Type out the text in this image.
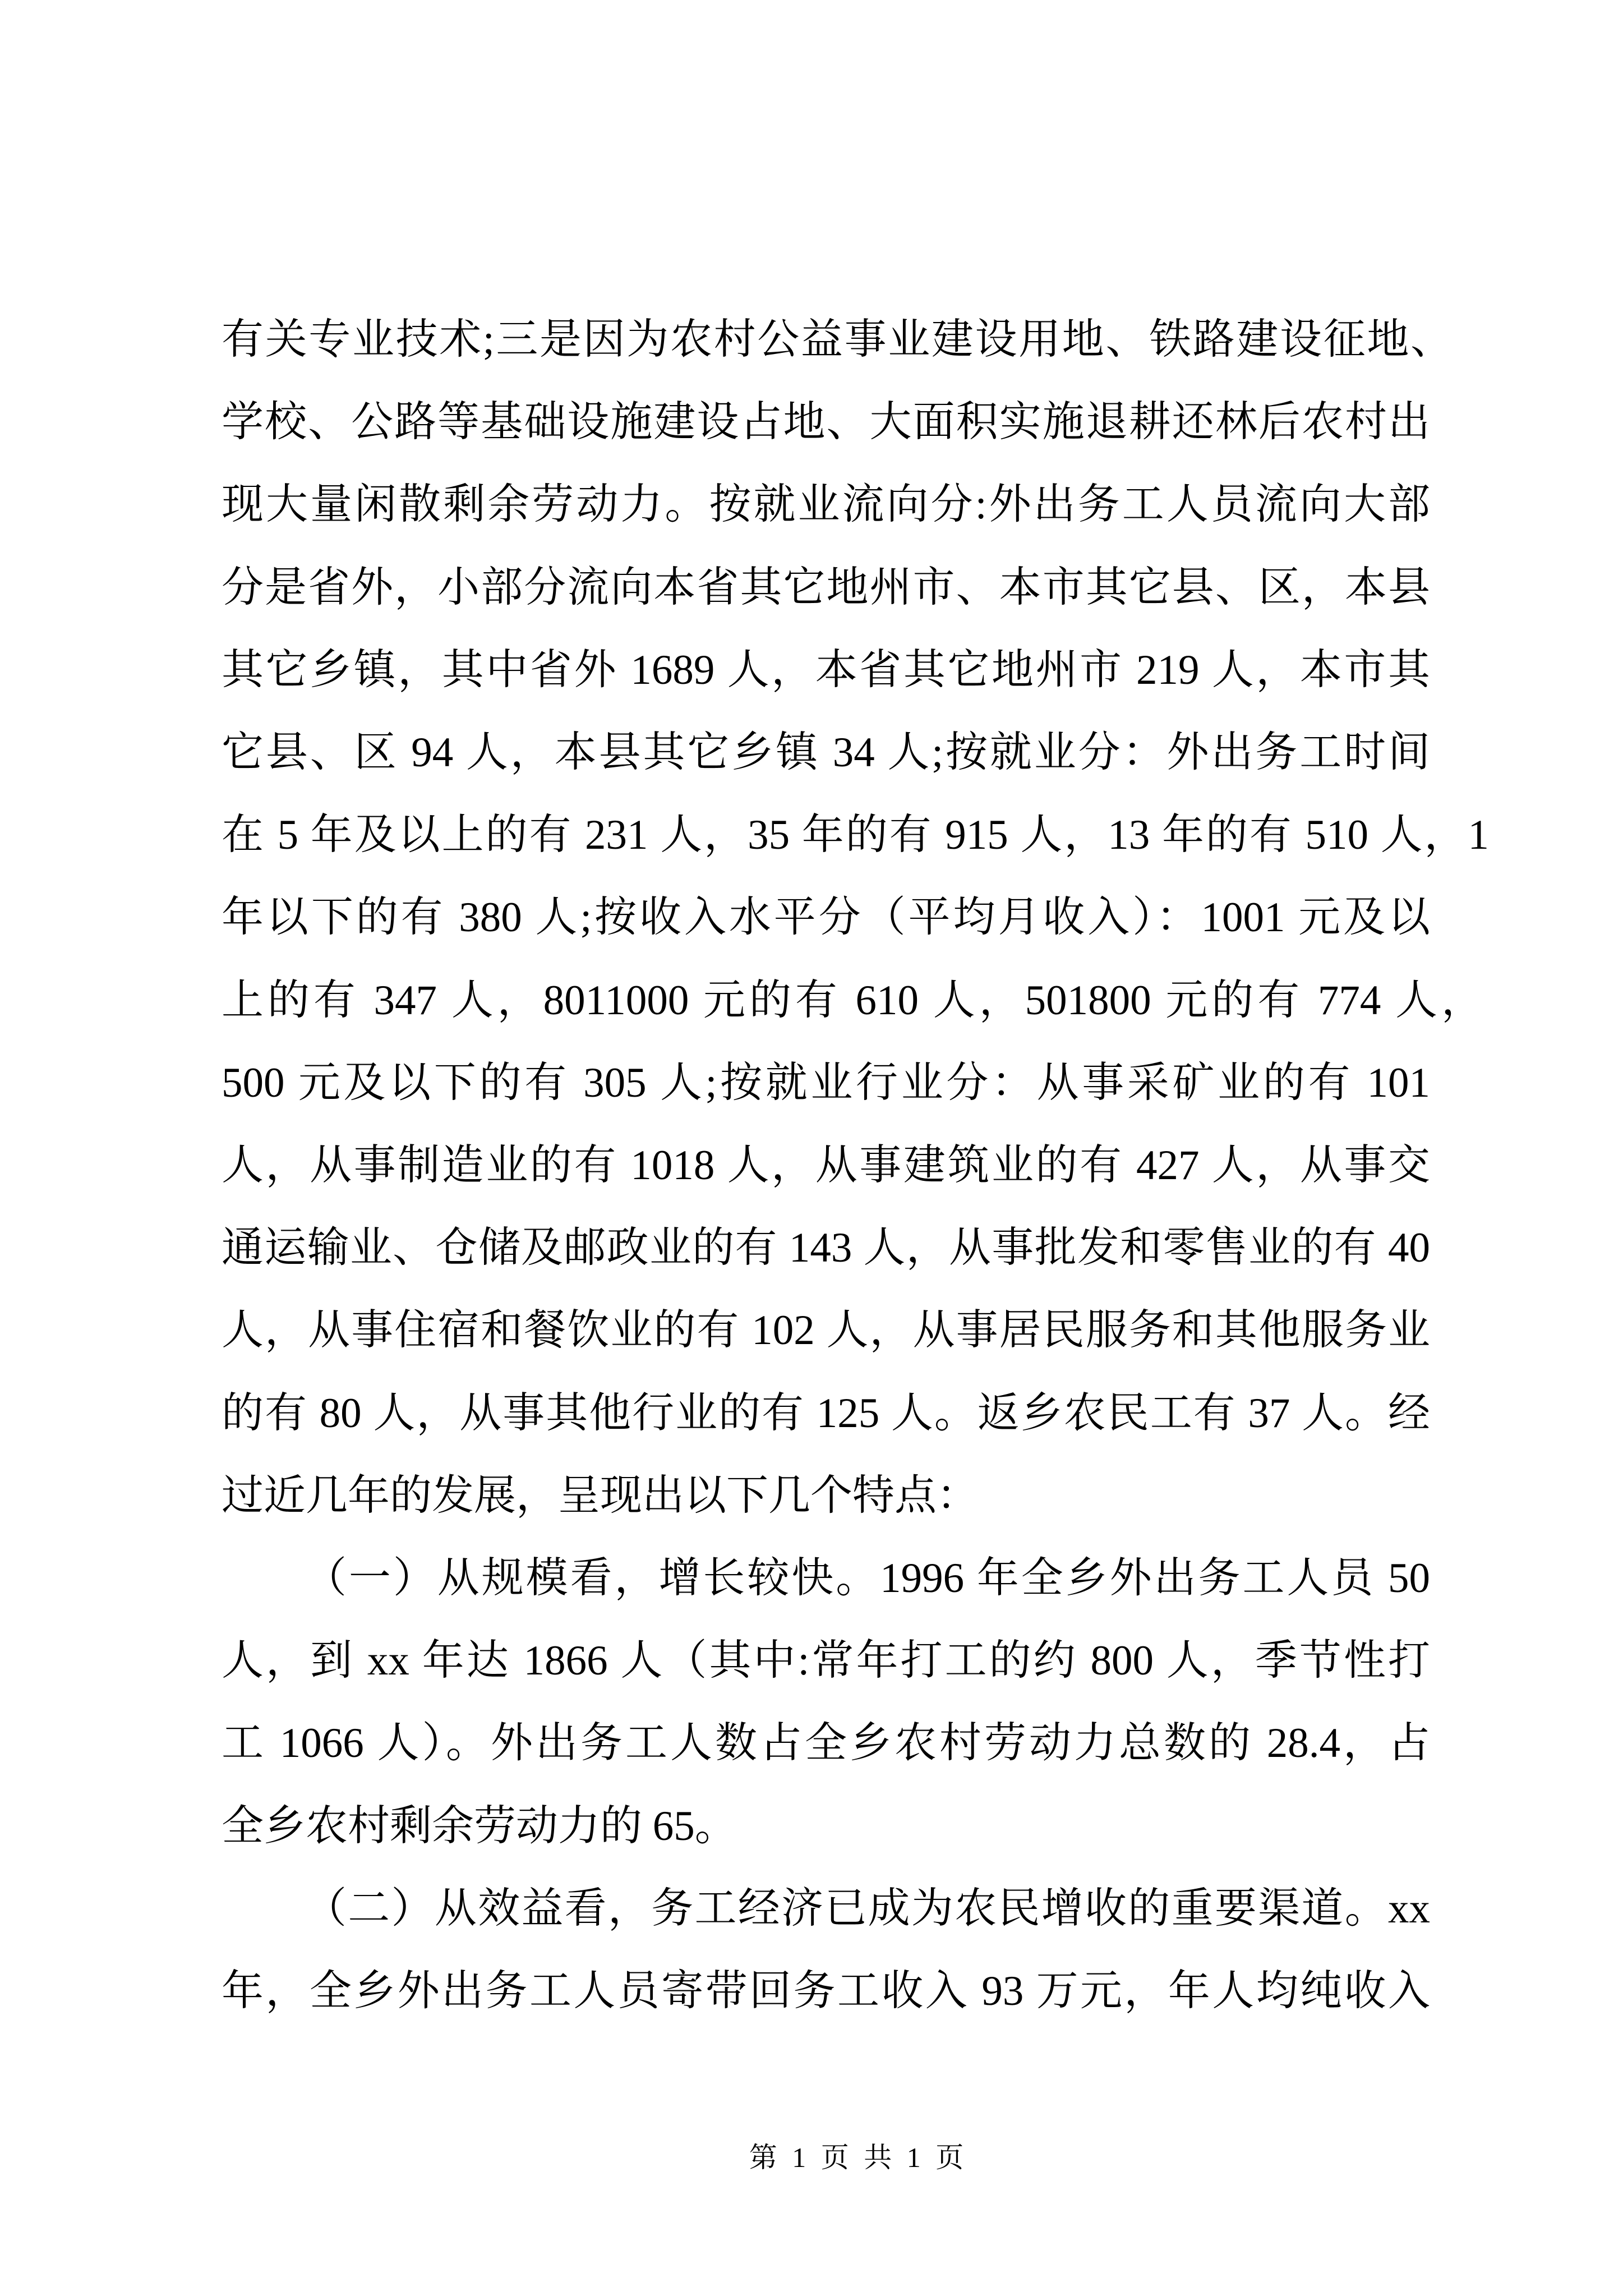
有关专业技术;三是因为农村公益事业建设用地、铁路建设征地、
学校、公路等基础设施建设占地、大面积实施退耕还林后农村出
现大量闲散剩余劳动力。按就业流向分:外出务工人员流向大部
分是省外，小部分流向本省其它地州市、本市其它县、区，本县
其它乡镇，其中省外 1689 人，本省其它地州市 219 人，本市其
它县、区 94 人，本县其它乡镇 34 人;按就业分：外出务工时间
在 5 年及以上的有 231 人，35 年的有 915 人，13 年的有 510 人，1
年以下的有 380 人;按收入水平分（平均月收入）：1001 元及以
上的有 347 人，8011000 元的有 610 人，501800 元的有 774 人，
500 元及以下的有 305 人;按就业行业分：从事采矿业的有 101
人，从事制造业的有 1018 人，从事建筑业的有 427 人，从事交
通运输业、仓储及邮政业的有 143 人，从事批发和零售业的有 40
人，从事住宿和餐饮业的有 102 人，从事居民服务和其他服务业
的有 80 人，从事其他行业的有 125 人。返乡农民工有 37 人。经
过近几年的发展，呈现出以下几个特点：
（一）从规模看，增长较快。1996 年全乡外出务工人员 50
人，到 xx 年达 1866 人（其中:常年打工的约 800 人，季节性打
工 1066 人）。外出务工人数占全乡农村劳动力总数的 28.4，占
全乡农村剩余劳动力的 65。
（二）从效益看，务工经济已成为农民增收的重要渠道。xx
年，全乡外出务工人员寄带回务工收入 93 万元，年人均纯收入
第 1 页 共 1 页
